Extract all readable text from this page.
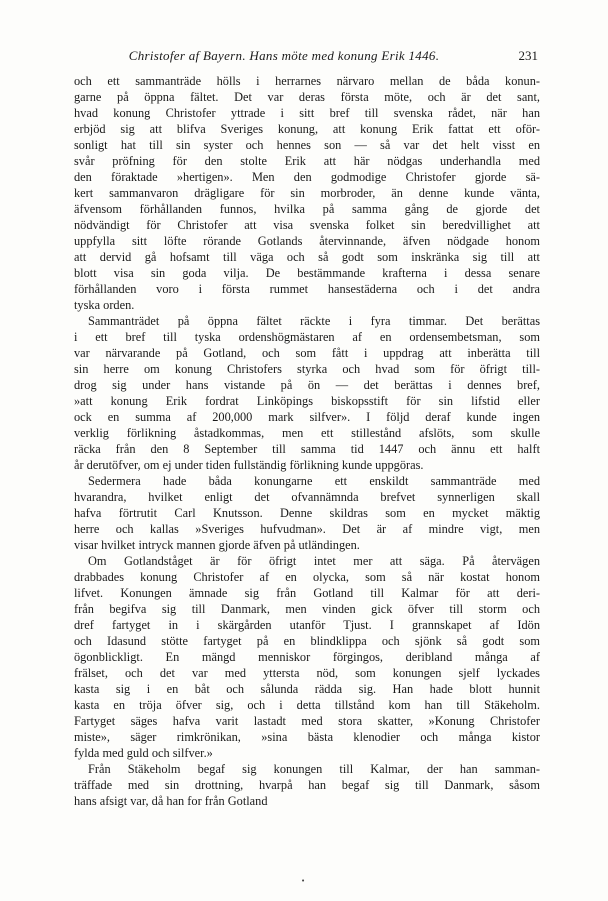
Christofer af Bayern. Hans möte med konung Erik 1446.	231
och ett sammanträde hölls i herrarnes närvaro mellan de båda konun-
garne på öppna fältet. Det var deras första möte, och är det sant,
hvad konung Christofer yttrade i sitt bref till svenska rådet, när han
erbjöd sig att blifva Sveriges konung, att konung Erik fattat ett oför-
sonligt hat till sin syster och hennes son — så var det helt visst en
svår pröfning för den stolte Erik att här nödgas underhandla med
den föraktade »hertigen». Men den godmodige Christofer gjorde sä-
kert sammanvaron drägligare för sin morbroder, än denne kunde vänta,
äfvensom förhållanden funnos, hvilka på samma gång de gjorde det
nödvändigt för Christofer att visa svenska folket sin beredvillighet att
uppfylla sitt löfte rörande Gotlands återvinnande, äfven nödgade honom
att dervid gå hofsamt till väga och så godt som inskränka sig till att
blott visa sin goda vilja. De bestämmande krafterna i dessa senare
förhållanden voro i första rummet hansestäderna och i det andra
tyska orden.
Sammanträdet på öppna fältet räckte i fyra timmar. Det berättas
i ett bref till tyska ordenshögmästaren af en ordensembetsman, som
var närvarande på Gotland, och som fått i uppdrag att inberätta till
sin herre om konung Christofers styrka och hvad som för öfrigt till-
drog sig under hans vistande på ön — det berättas i dennes bref,
»att konung Erik fordrat Linköpings biskopsstift för sin lifstid eller
ock en summa af 200,000 mark silfver». I följd deraf kunde ingen
verklig förlikning åstadkommas, men ett stillestånd afslöts, som skulle
räcka från den 8 September till samma tid 1447 och ännu ett halft
år derutöfver, om ej under tiden fullständig förlikning kunde uppgöras.
Sedermera hade båda konungarne ett enskildt sammanträde med
hvarandra, hvilket enligt det ofvannämnda brefvet synnerligen skall
hafva förtrutit Carl Knutsson. Denne skildras som en mycket mäktig
herre och kallas »Sveriges hufvudman». Det är af mindre vigt, men
visar hvilket intryck mannen gjorde äfven på utländingen.
Om Gotlandståget är för öfrigt intet mer att säga. På återvägen
drabbades konung Christofer af en olycka, som så när kostat honom
lifvet. Konungen ämnade sig från Gotland till Kalmar för att deri-
från begifva sig till Danmark, men vinden gick öfver till storm och
dref fartyget in i skärgården utanför Tjust. I grannskapet af Idön
och Idasund stötte fartyget på en blindklippa och sjönk så godt som
ögonblickligt. En mängd menniskor förgingos, deribland många af
frälset, och det var med yttersta nöd, som konungen sjelf lyckades
kasta sig i en båt och sålunda rädda sig. Han hade blott hunnit
kasta en tröja öfver sig, och i detta tillstånd kom han till Stäkeholm.
Fartyget säges hafva varit lastadt med stora skatter, »Konung Christofer
miste», säger rimkrönikan, »sina bästa klenodier och många kistor
fylda med guld och silfver.»
Från Stäkeholm begaf sig konungen till Kalmar, der han samman-
träffade med sin drottning, hvarpå han begaf sig till Danmark, såsom
hans afsigt var, då han for från Gotland
•
